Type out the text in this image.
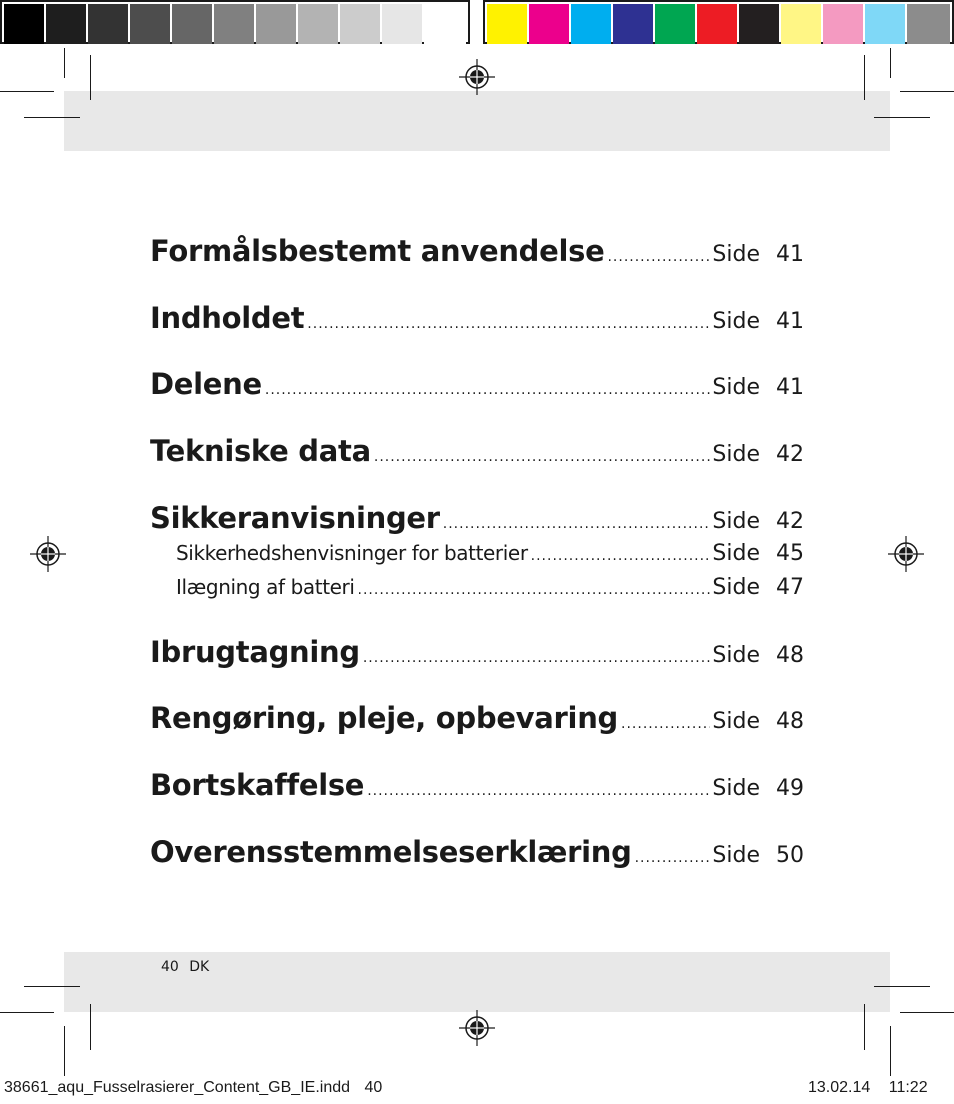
Formålsbestemt anvendelse .....	Side 41
Indholdet .....	Side 41
Delene .....	Side 41
Tekniske data .....	Side 42
Sikkeranvisninger .....	Side 42
Sikkerhedshenvisninger for batterier .....	Side 45
Ilægning af batteri .....	Side 47
Ibrugtagning .....	Side 48
Rengøring, pleje, opbevaring .....	Side 48
Bortskaffelse .....	Side 49
Overensstemmelseserklæring .....	Side 50
40 DK
38661_aqu_Fusselrasierer_Content_GB_IE.indd 40	13.02.14 11:22
